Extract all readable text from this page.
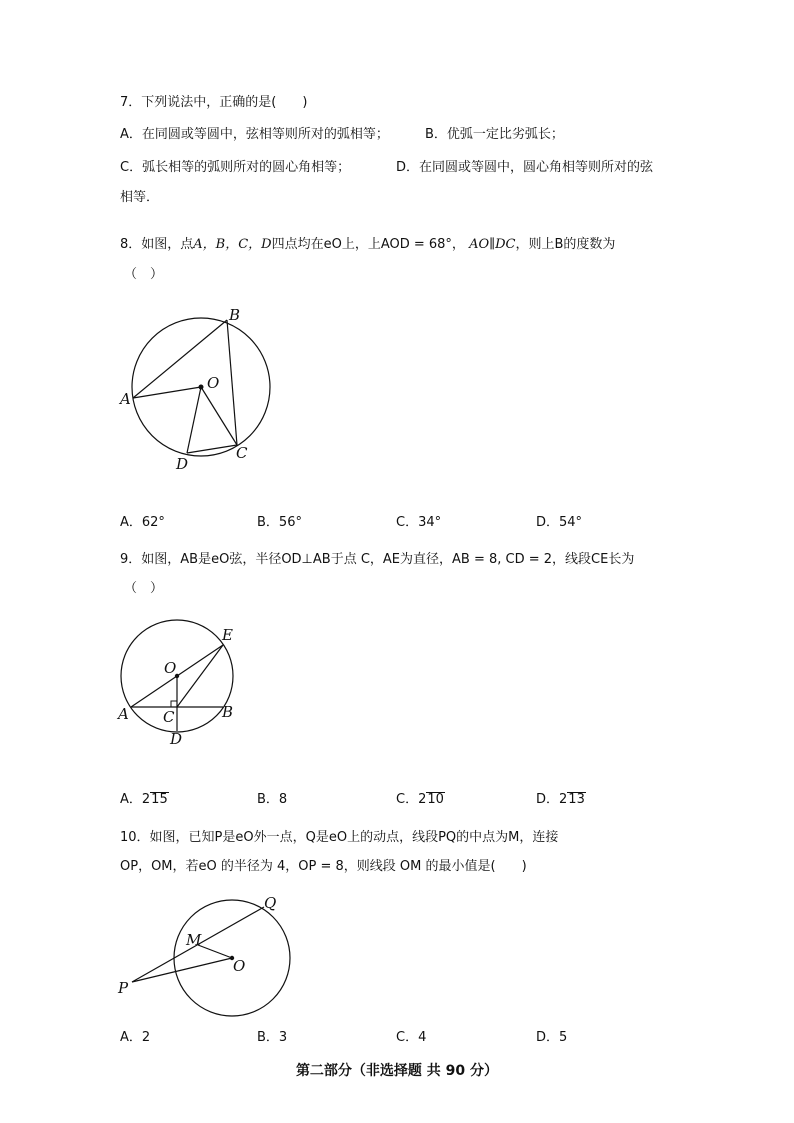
7．下列说法中，正确的是(　　)
A．在同圆或等圆中，弦相等则所对的弧相等；	B．优弧一定比劣弧长；
C．弧长相等的弧则所对的圆心角相等；	D．在同圆或等圆中，圆心角相等则所对的弦
相等．
8．如图，点A，B，C，D四点均在eO上，上AOD = 68°， AO∥DC，则上B的度数为
（　）
B
A
O
D
C
A．62°	B．56°	C．34°	D．54°
9．如图，AB是eO弦，半径OD⊥AB于点 C，AE为直径，AB = 8, CD = 2，线段CE长为
（　）
E
O
A C	B
D
A．215	B．8	C．210	D．213
10．如图，已知P是eO外一点，Q是eO上的动点，线段PQ的中点为M，连接
OP，OM，若eO 的半径为 4，OP = 8，则线段 OM 的最小值是(　　)
Q
M
O
P
A．2	B．3	C．4	D．5
第二部分（非选择题 共 90 分）
